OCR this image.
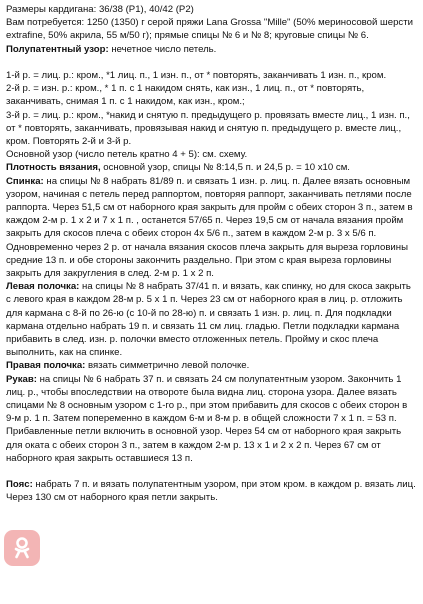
Размеры кардигана: 36/38 (Р1), 40/42 (Р2)

Вам потребуется: 1250 (1350) г серой пряжи Lana Grossa "Mille" (50% мериносовой шерсти extrafine, 50% акрила, 55 м/50 г); прямые спицы № 6 и № 8; круговые спицы № 6.

Полупатентный узор: нечетное число петель.

1-й р. = лиц. р.: кром., *1 лиц. п., 1 изн. п., от * повторять, заканчивать 1 изн. п., кром.

2-й р. = изн. р.: кром., * 1 п. с 1 накидом снять, как изн., 1 лиц. п., от * повторять, заканчивать, снимая 1 п. с 1 накидом, как изн., кром.;

3-й р. = лиц. р.: кром., *накид и снятую п. предыдущего р. провязать вместе лиц., 1 изн. п., от * повторять, заканчивать, провязывая накид и снятую п. предыдущего р. вместе лиц., кром. Повторять 2-й и 3-й р.

Основной узор (число петель кратно 4 + 5): см. схему.

Плотность вязания, основной узор, спицы № 8:14,5 п. и 24,5 р. = 10 х10 см.

Спинка: на спицы № 8 набрать 81/89 п. и связать 1 изн. р. лиц. п. Далее вязать основным узором, начиная с петель перед раппортом, повторяя раппорт, заканчивать петлями после раппорта. Через 51,5 см от наборного края закрыть для пройм с обеих сторон 3 п., затем в каждом 2-м р. 1 х 2 и 7 х 1 п. , останется 57/65 п. Через 19,5 см от начала вязания пройм закрыть для скосов плеча с обеих сторон 4х 5/6 п., затем в каждом 2-м р. 3 х 5/6 п. Одновременно через 2 р. от начала вязания скосов плеча закрыть для выреза горловины средние 13 п. и обе стороны закончить раздельно. При этом с края выреза горловины закрыть для закругления в след. 2-м р. 1 х 2 п.

Левая полочка: на спицы № 8 набрать 37/41 п. и вязать, как спинку, но для скоса закрыть с левого края в каждом 28-м р. 5 х 1 п. Через 23 см от наборного края в лиц. р. отложить для кармана с 8-й по 26-ю (с 10-й по 28-ю) п. и связать 1 изн. р. лиц. п. Для подкладки кармана отдельно набрать 19 п. и связать 11 см лиц. гладью. Петли подкладки кармана прибавить в след. изн. р. полочки вместо отложенных петель. Пройму и скос плеча выполнить, как на спинке.

Правая полочка: вязать симметрично левой полочке.

Рукав: на спицы № 6 набрать 37 п. и связать 24 см полупатентным узором. Закончить 1 лиц. р., чтобы впоследствии на отвороте была видна лиц. сторона узора. Далее вязать спицами № 8 основным узором с 1-го р., при этом прибавить для скосов с обеих сторон в 9-м р. 1 п. Затем попеременно в каждом 6-м и 8-м р. в общей сложности 7 х 1 п. = 53 п. Прибавленные петли включить в основной узор. Через 54 см от наборного края закрыть для оката с обеих сторон 3 п., затем в каждом 2-м р. 13 х 1 и 2 х 2 п. Через 67 см от наборного края закрыть оставшиеся 13 п.

Пояс: набрать 7 п. и вязать полупатентным узором, при этом кром. в каждом р. вязать лиц. Через 130 см от наборного края петли закрыть.
